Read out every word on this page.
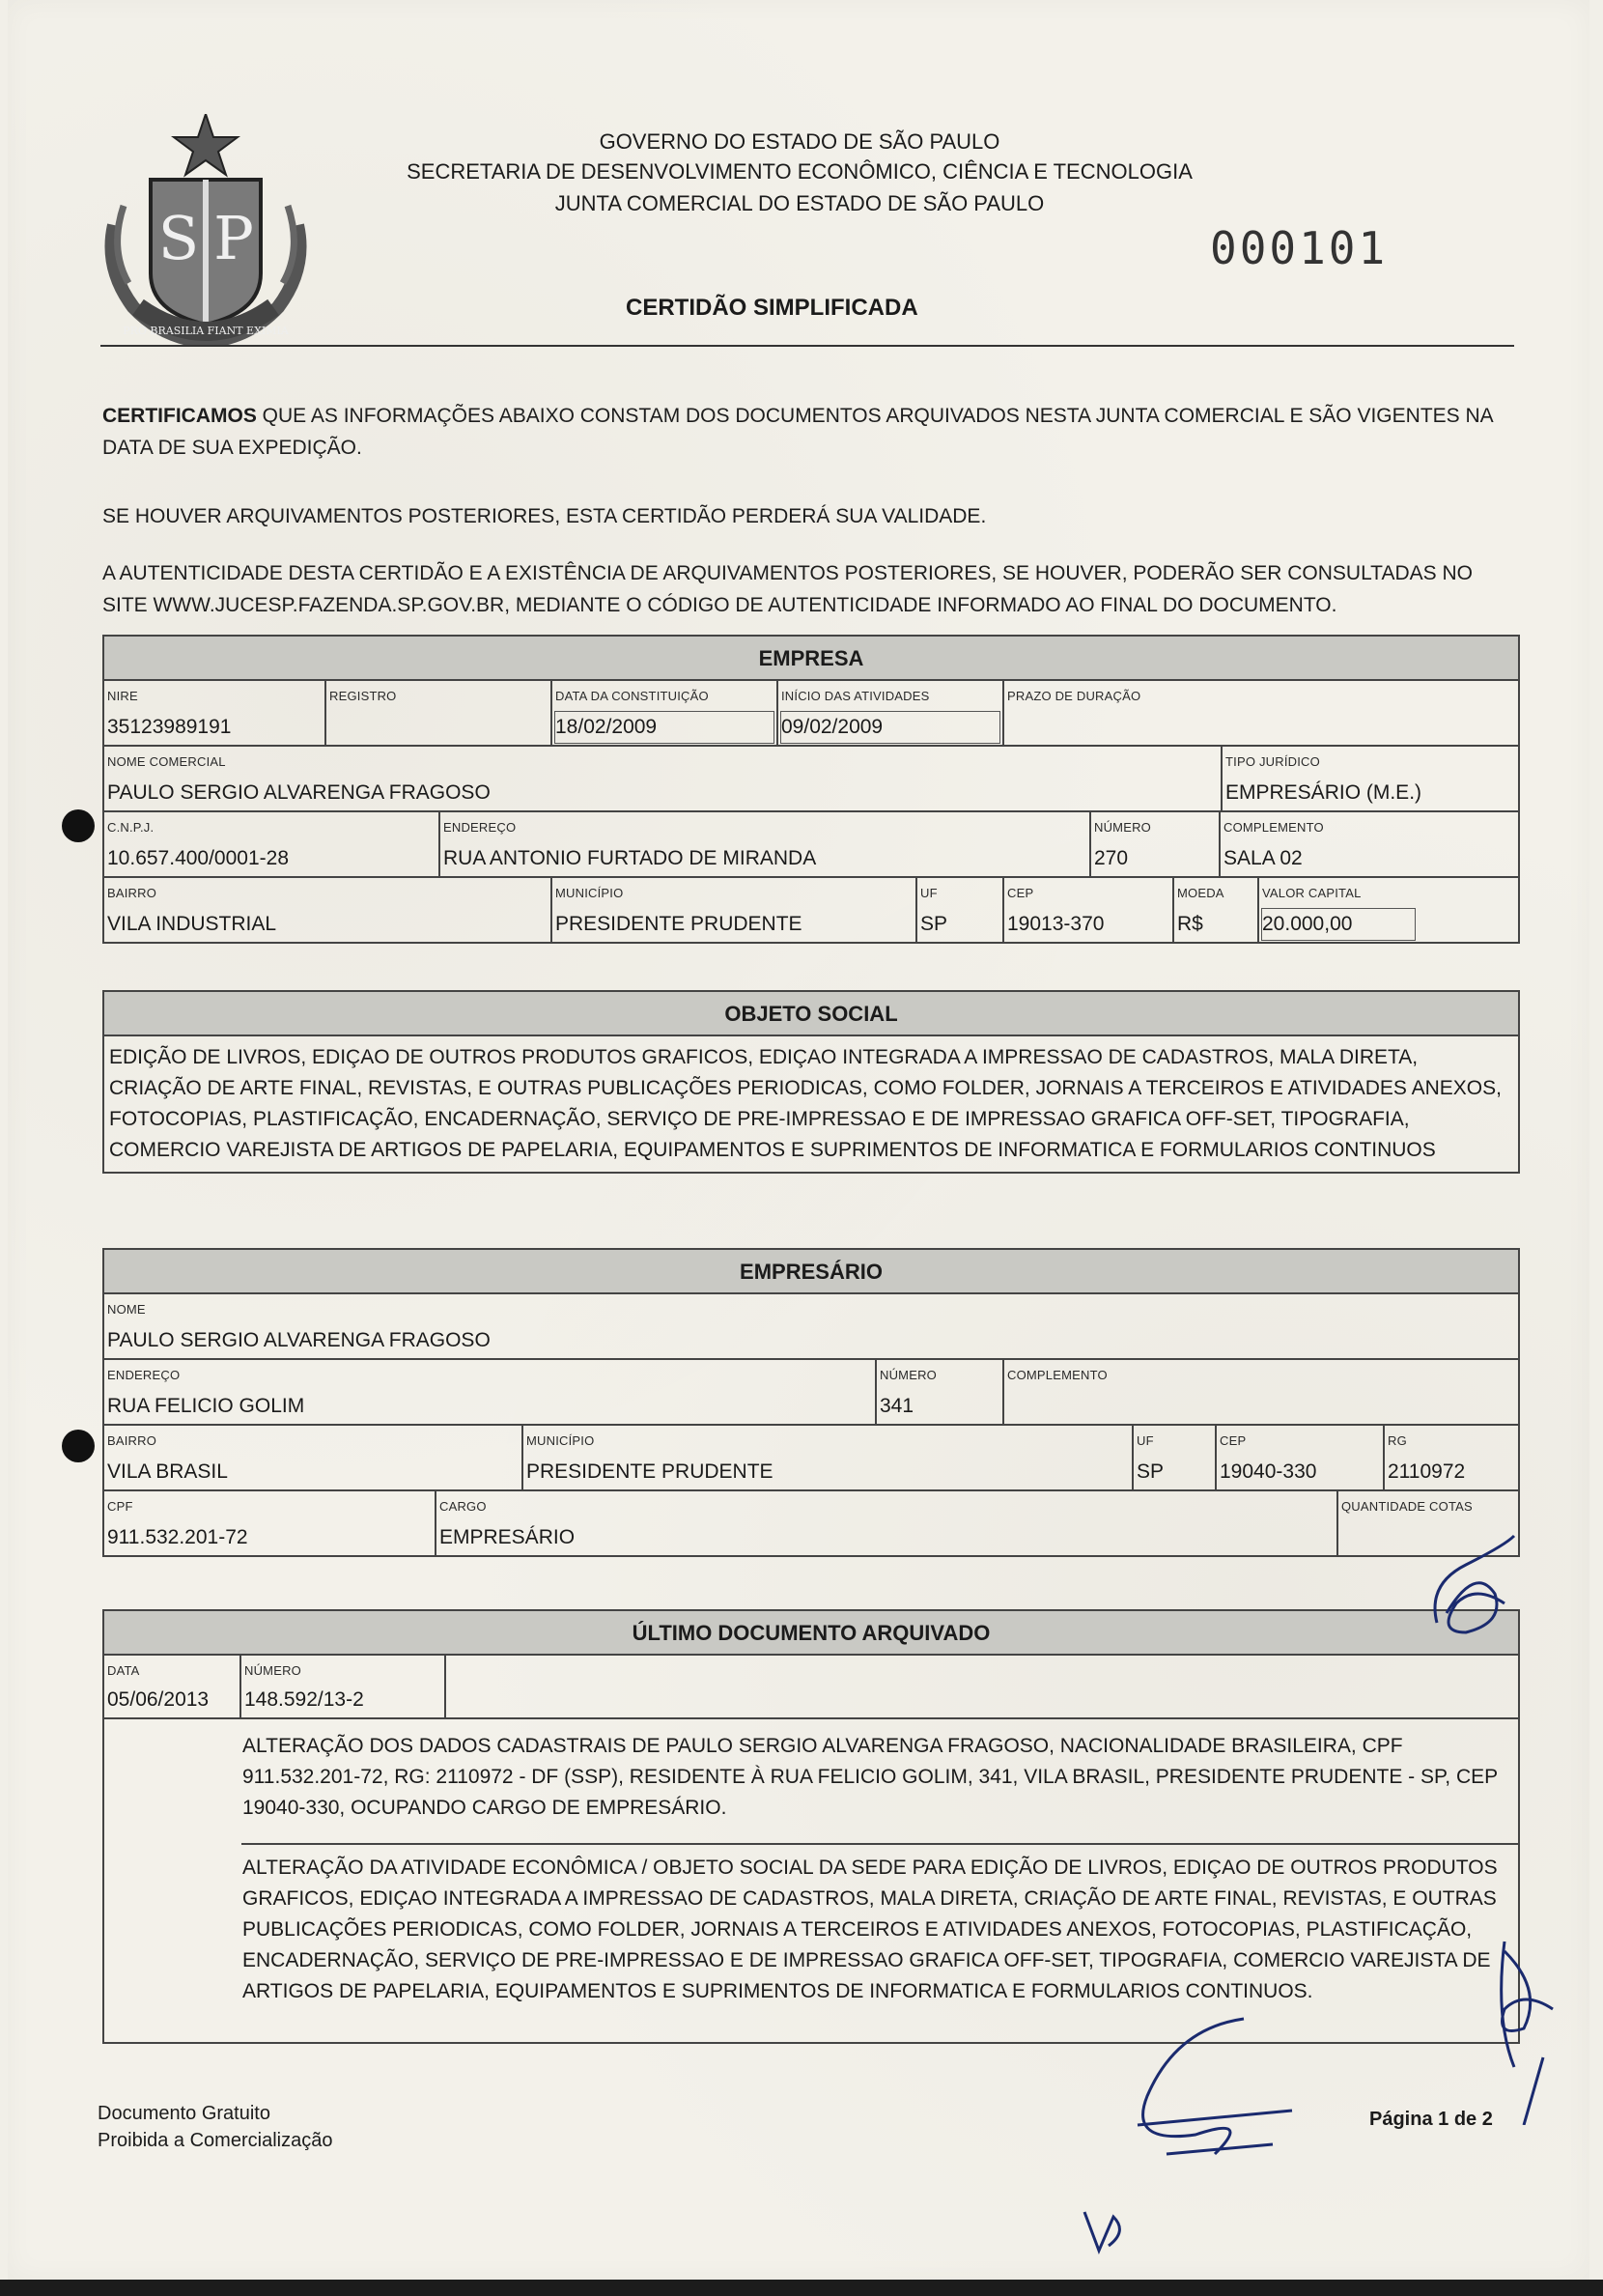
S P
PRO BRASILIA FIANT EXIMIA
GOVERNO DO ESTADO DE SÃO PAULO
SECRETARIA DE DESENVOLVIMENTO ECONÔMICO, CIÊNCIA E TECNOLOGIA
JUNTA COMERCIAL DO ESTADO DE SÃO PAULO
000101
CERTIDÃO SIMPLIFICADA
CERTIFICAMOS QUE AS INFORMAÇÕES ABAIXO CONSTAM DOS DOCUMENTOS ARQUIVADOS NESTA JUNTA COMERCIAL E SÃO VIGENTES NA DATA DE SUA EXPEDIÇÃO.
SE HOUVER ARQUIVAMENTOS POSTERIORES, ESTA CERTIDÃO PERDERÁ SUA VALIDADE.
A AUTENTICIDADE DESTA CERTIDÃO E A EXISTÊNCIA DE ARQUIVAMENTOS POSTERIORES, SE HOUVER, PODERÃO SER CONSULTADAS NO SITE WWW.JUCESP.FAZENDA.SP.GOV.BR, MEDIANTE O CÓDIGO DE AUTENTICIDADE INFORMADO AO FINAL DO DOCUMENTO.
EMPRESA
NIRE
35123989191
REGISTRO	DATA DA CONSTITUIÇÃO
18/02/2009
INÍCIO DAS ATIVIDADES
09/02/2009
PRAZO DE DURAÇÃO
NOME COMERCIAL
PAULO SERGIO ALVARENGA FRAGOSO
TIPO JURÍDICO
EMPRESÁRIO (M.E.)
C.N.P.J.
10.657.400/0001-28
ENDEREÇO
RUA ANTONIO FURTADO DE MIRANDA
NÚMERO
270
COMPLEMENTO
SALA 02
BAIRRO
VILA INDUSTRIAL
MUNICÍPIO
PRESIDENTE PRUDENTE
UF
SP
CEP
19013-370
MOEDA
R$
VALOR CAPITAL
20.000,00
OBJETO SOCIAL
EDIÇÃO DE LIVROS, EDIÇAO DE OUTROS PRODUTOS GRAFICOS, EDIÇAO INTEGRADA A IMPRESSAO DE CADASTROS, MALA DIRETA, CRIAÇÃO DE ARTE FINAL, REVISTAS, E OUTRAS PUBLICAÇÕES PERIODICAS, COMO FOLDER, JORNAIS A TERCEIROS E ATIVIDADES ANEXOS, FOTOCOPIAS, PLASTIFICAÇÃO, ENCADERNAÇÃO, SERVIÇO DE PRE-IMPRESSAO E DE IMPRESSAO GRAFICA OFF-SET, TIPOGRAFIA, COMERCIO VAREJISTA DE ARTIGOS DE PAPELARIA, EQUIPAMENTOS E SUPRIMENTOS DE INFORMATICA E FORMULARIOS CONTINUOS
EMPRESÁRIO
NOME
PAULO SERGIO ALVARENGA FRAGOSO
ENDEREÇO
RUA FELICIO GOLIM
NÚMERO
341
COMPLEMENTO
BAIRRO
VILA BRASIL
MUNICÍPIO
PRESIDENTE PRUDENTE
UF
SP
CEP
19040-330
RG
2110972
CPF
911.532.201-72
CARGO
EMPRESÁRIO
QUANTIDADE COTAS
ÚLTIMO DOCUMENTO ARQUIVADO
DATA
05/06/2013
NÚMERO
148.592/13-2
ALTERAÇÃO DOS DADOS CADASTRAIS DE PAULO SERGIO ALVARENGA FRAGOSO, NACIONALIDADE BRASILEIRA, CPF 911.532.201-72, RG: 2110972 - DF (SSP), RESIDENTE À RUA FELICIO GOLIM, 341, VILA BRASIL, PRESIDENTE PRUDENTE - SP, CEP 19040-330, OCUPANDO CARGO DE EMPRESÁRIO.
ALTERAÇÃO DA ATIVIDADE ECONÔMICA / OBJETO SOCIAL DA SEDE PARA EDIÇÃO DE LIVROS, EDIÇAO DE OUTROS PRODUTOS GRAFICOS, EDIÇAO INTEGRADA A IMPRESSAO DE CADASTROS, MALA DIRETA, CRIAÇÃO DE ARTE FINAL, REVISTAS, E OUTRAS PUBLICAÇÕES PERIODICAS, COMO FOLDER, JORNAIS A TERCEIROS E ATIVIDADES ANEXOS, FOTOCOPIAS, PLASTIFICAÇÃO, ENCADERNAÇÃO, SERVIÇO DE PRE-IMPRESSAO E DE IMPRESSAO GRAFICA OFF-SET, TIPOGRAFIA, COMERCIO VAREJISTA DE ARTIGOS DE PAPELARIA, EQUIPAMENTOS E SUPRIMENTOS DE INFORMATICA E FORMULARIOS CONTINUOS.
Documento Gratuito
Proibida a Comercialização
Página 1 de 2
